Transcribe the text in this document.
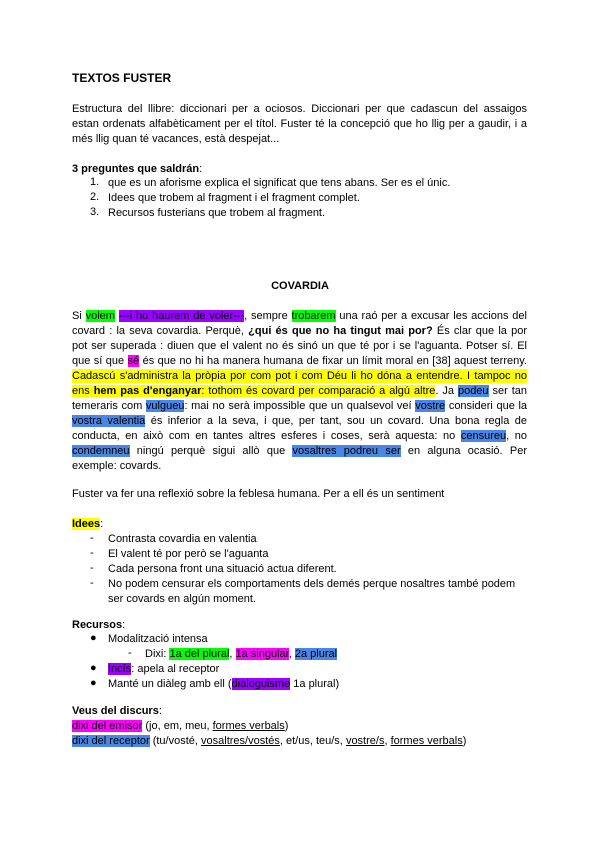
TEXTOS FUSTER
Estructura del llibre: diccionari per a ociosos. Diccionari per que cadascun del assaigos
estan ordenats alfabèticament per el títol. Fuster té la concepció que ho llig per a gaudir, i a
més llig quan té vacances, està despejat...
3 preguntes que saldrán:
1. que es un aforisme explica el significat que tens abans. Ser es el únic.
2. Idees que trobem al fragment i el fragment complet.
3. Recursos fusterians que trobem al fragment.
COVARDIA
Si volem ---i ho haurem de voler---, sempre trobarem una raó per a excusar les accions del
covard : la seva covardia. Perquè, ¿qui és que no ha tingut mai por? És clar que la por
pot ser superada : diuen que el valent no és sinó un que té por i se l'aguanta. Potser sí. El
que sí que sé és que no hi ha manera humana de fixar un límit moral en [38] aquest terreny.
Cadascú s'administra la pròpia por com pot i com Déu li ho dóna a entendre. I tampoc no
ens hem pas d'enganyar: tothom és covard per comparació a algú altre. Ja podeu ser tan
temeraris com vulgueu: mai no serà impossible que un qualsevol veí vostre consideri que la
vostra valentia és inferior a la seva, i que, per tant, sou un covard. Una bona regla de
conducta, en això com en tantes altres esferes i coses, serà aquesta: no censureu, no
condemneu ningú perquè sigui allò que vosaltres podreu ser en alguna ocasió. Per
exemple: covards.
Fuster va fer una reflexió sobre la feblesa humana. Per a ell és un sentiment
Idees:
- Contrasta covardia en valentia
- El valent té por però se l'aguanta
- Cada persona front una situació actua diferent.
- No podem censurar els comportaments dels demés perque nosaltres també podem
ser covards en algún moment.
Recursos:
● Modalització intensa
- Dixi: 1a del plural, 1a singular, 2a plural
● Incís: apela al receptor
● Manté un diàleg amb ell (dialoguisme 1a plural)
Veus del discurs:
dixi del emisor (jo, em, meu, formes verbals)
dixi del receptor (tu/vosté, vosaltres/vostés, et/us, teu/s, vostre/s, formes verbals)
